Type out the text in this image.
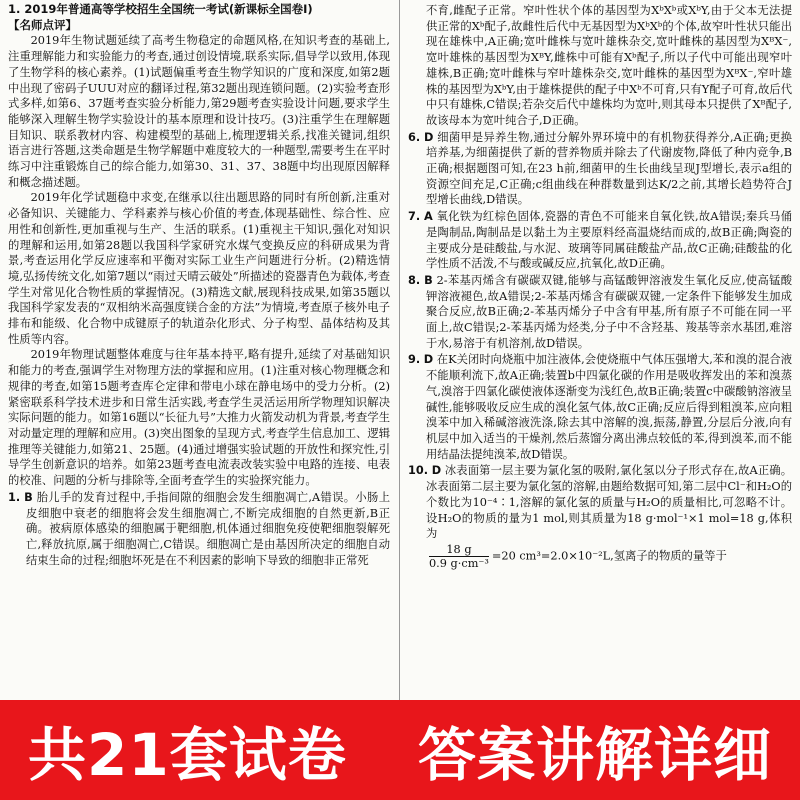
1. 2019年普通高等学校招生全国统一考试(新课标全国卷Ⅰ)

【名师点评】

2019年生物试题延续了高考生物稳定的命题风格,在知识考查的基础上,注重理解能力和实验能力的考查,通过创设情境,联系实际,倡导学以致用,体现了生物学科的核心素养。(1)试题偏重考查生物学知识的广度和深度,如第2题中出现了密码子UUU对应的翻译过程,第32题出现连锁问题。(2)实验考查形式多样,如第6、37题考查实验分析能力,第29题考查实验设计问题,要求学生能够深入理解生物学实验设计的基本原理和设计技巧。(3)注重学生在理解题目知识、联系教材内容、构建模型的基础上,梳理逻辑关系,找准关键词,组织语言进行答题,这类命题是生物学解题中难度较大的一种题型,需要考生在平时练习中注重锻炼自己的综合能力,如第30、31、37、38题中均出现原因解释和概念描述题。

2019年化学试题稳中求变,在继承以往出题思路的同时有所创新,注重对必备知识、关键能力、学科素养与核心价值的考查,体现基础性、综合性、应用性和创新性,更加重视与生产、生活的联系。(1)重视主干知识,强化对知识的理解和运用,如第28题以我国科学家研究水煤气变换反应的科研成果为背景,考查运用化学反应速率和平衡对实际工业生产问题进行分析。(2)精选情境,弘扬传统文化,如第7题以“雨过天晴云破处”所描述的瓷器青色为载体,考查学生对常见化合物性质的掌握情况。(3)精选文献,展现科技成果,如第35题以我国科学家发表的“双相纳米高强度镁合金的方法”为情境,考查原子核外电子排布和能级、化合物中成键原子的轨道杂化形式、分子构型、晶体结构及其性质等内容。

2019年物理试题整体难度与往年基本持平,略有提升,延续了对基础知识和能力的考查,强调学生对物理方法的掌握和应用。(1)注重对核心物理概念和规律的考查,如第15题考查库仑定律和带电小球在静电场中的受力分析。(2)紧密联系科学技术进步和日常生活实践,考查学生灵活运用所学物理知识解决实际问题的能力。如第16题以“长征九号”大推力火箭发动机为背景,考查学生对动量定理的理解和应用。(3)突出图象的呈现方式,考查学生信息加工、逻辑推理等关键能力,如第21、25题。(4)通过增强实验试题的开放性和探究性,引导学生创新意识的培养。如第23题考查电流表改装实验中电路的连接、电表的校准、问题的分析与排除等,全面考查学生的实验探究能力。

1. B 胎儿手的发育过程中,手指间隙的细胞会发生细胞凋亡,A错误。小肠上皮细胞中衰老的细胞将会发生细胞凋亡,不断完成细胞的自然更新,B正确。被病原体感染的细胞属于靶细胞,机体通过细胞免疫使靶细胞裂解死亡,释放抗原,属于细胞凋亡,C错误。细胞凋亡是由基因所决定的细胞自动结束生命的过程;细胞坏死是在不利因素的影响下导致的细胞非正常死

不育,雌配子正常。窄叶性状个体的基因型为XᵇXᵇ或XᵇY,由于父本无法提供正常的Xᵇ配子,故雌性后代中无基因型为XᵇXᵇ的个体,故窄叶性状只能出现在雄株中,A正确;宽叶雌株与宽叶雄株杂交,宽叶雌株的基因型为XᴮX⁻,宽叶雄株的基因型为XᴮY,雌株中可能有Xᵇ配子,所以子代中可能出现窄叶雄株,B正确;宽叶雌株与窄叶雄株杂交,宽叶雌株的基因型为XᴮX⁻,窄叶雄株的基因型为XᵇY,由于雄株提供的配子中Xᵇ不可育,只有Y配子可育,故后代中只有雄株,C错误;若杂交后代中雄株均为宽叶,则其母本只提供了Xᴮ配子,故该母本为宽叶纯合子,D正确。

6. D 细菌甲是异养生物,通过分解外界环境中的有机物获得养分,A正确;更换培养基,为细菌提供了新的营养物质并除去了代谢废物,降低了种内竞争,B正确;根据题图可知,在23 h前,细菌甲的生长曲线呈现J型增长,表示a组的资源空间充足,C正确;c组曲线在种群数量到达K/2之前,其增长趋势符合J型增长曲线,D错误。

7. A 氧化铁为红棕色固体,瓷器的青色不可能来自氧化铁,故A错误;秦兵马俑是陶制品,陶制品是以黏土为主要原料经高温烧结而成的,故B正确;陶瓷的主要成分是硅酸盐,与水泥、玻璃等同属硅酸盐产品,故C正确;硅酸盐的化学性质不活泼,不与酸或碱反应,抗氧化,故D正确。

8. B 2-苯基丙烯含有碳碳双键,能够与高锰酸钾溶液发生氧化反应,使高锰酸钾溶液褪色,故A错误;2-苯基丙烯含有碳碳双键,一定条件下能够发生加成聚合反应,故B正确;2-苯基丙烯分子中含有甲基,所有原子不可能在同一平面上,故C错误;2-苯基丙烯为烃类,分子中不含羟基、羧基等亲水基团,难溶于水,易溶于有机溶剂,故D错误。

9. D 在K关闭时向烧瓶中加注液体,会使烧瓶中气体压强增大,苯和溴的混合液不能顺利流下,故A正确;装置b中四氯化碳的作用是吸收挥发出的苯和溴蒸气,溴溶于四氯化碳使液体逐渐变为浅红色,故B正确;装置c中碳酸钠溶液呈碱性,能够吸收反应生成的溴化氢气体,故C正确;反应后得到粗溴苯,应向粗溴苯中加入稀碱溶液洗涤,除去其中溶解的溴,振荡,静置,分层后分液,向有机层中加入适当的干燥剂,然后蒸馏分离出沸点较低的苯,得到溴苯,而不能用结晶法提纯溴苯,故D错误。

10. D 冰表面第一层主要为氯化氢的吸附,氯化氢以分子形式存在,故A正确。冰表面第二层主要为氯化氢的溶解,由题给数据可知,第二层中Cl⁻和H₂O的个数比为10⁻⁴∶1,溶解的氯化氢的质量与H₂O的质量相比,可忽略不计。设H₂O的物质的量为1 mol,则其质量为18 g·mol⁻¹×1 mol=18 g,体积为

$\frac{18 g}{\text{0.9 g·cm⁻³}} =20$ cm³=2.0×10⁻²L,氢离子的物质的量等于

共21套试卷 答案讲解详细
